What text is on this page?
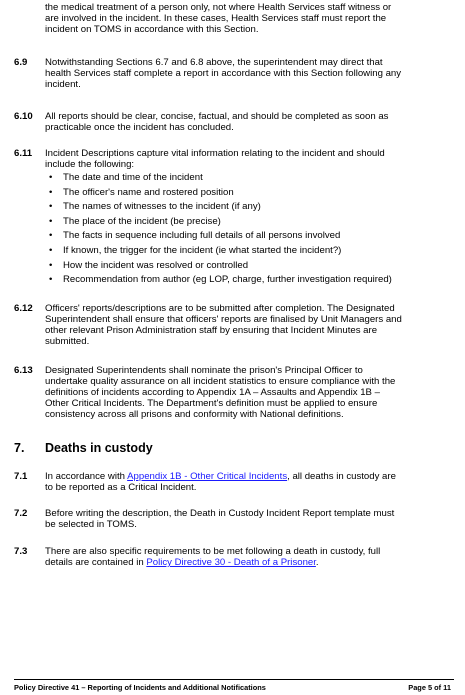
the medical treatment of a person only, not where Health Services staff witness or

are involved in the incident. In these cases, Health Services staff must report the

incident on TOMS in accordance with this Section.

6.9 Notwithstanding Sections 6.7 and 6.8 above, the superintendent may direct that

health Services staff complete a report in accordance with this Section following any

incident.

6.10 All reports should be clear, concise, factual, and should be completed as soon as

practicable once the incident has concluded.

6.11 Incident Descriptions capture vital information relating to the incident and should

include the following:

• The date and time of the incident
• The officer's name and rostered position
• The names of witnesses to the incident (if any)
• The place of the incident (be precise)
• The facts in sequence including full details of all persons involved
• If known, the trigger for the incident (ie what started the incident?)
• How the incident was resolved or controlled
• Recommendation from author (eg LOP, charge, further investigation required)
6.12 Officers' reports/descriptions are to be submitted after completion. The Designated

Superintendent shall ensure that officers' reports are finalised by Unit Managers and

other relevant Prison Administration staff by ensuring that Incident Minutes are

submitted.

6.13 Designated Superintendents shall nominate the prison's Principal Officer to

undertake quality assurance on all incident statistics to ensure compliance with the

definitions of incidents according to Appendix 1A – Assaults and Appendix 1B –

Other Critical Incidents. The Department's definition must be applied to ensure

consistency across all prisons and conformity with National definitions.

7. Deaths in custody
7.1 In accordance with Appendix 1B - Other Critical Incidents, all deaths in custody are

to be reported as a Critical Incident.

7.2 Before writing the description, the Death in Custody Incident Report template must

be selected in TOMS.

7.3 There are also specific requirements to be met following a death in custody, full

details are contained in Policy Directive 30 - Death of a Prisoner.

Policy Directive 41 – Reporting of Incidents and Additional Notifications	Page 5 of 11
